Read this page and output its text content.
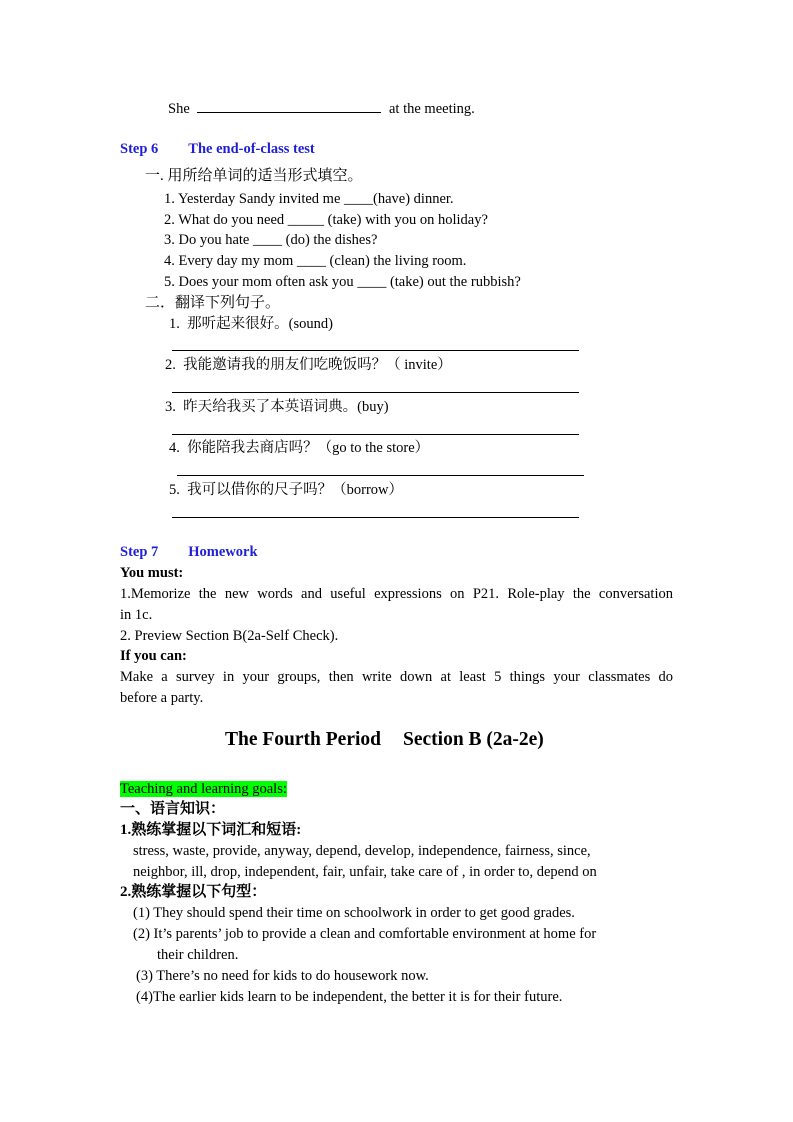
She	at the meeting.
Step 6 The end-of-class test
一. 用所给单词的适当形式填空。
1. Yesterday Sandy invited me ____(have) dinner.
2. What do you need _____ (take) with you on holiday?
3. Do you hate ____ (do) the dishes?
4. Every day my mom ____ (clean) the living room.
5. Does your mom often ask you ____ (take) out the rubbish?
二．翻译下列句子。
1. 那听起来很好。(sound)
2. 我能邀请我的朋友们吃晚饭吗？（ invite）
3. 昨天给我买了本英语词典。(buy)
4. 你能陪我去商店吗？（go to the store）
5. 我可以借你的尺子吗？（borrow）
Step 7 Homework
You must:
1.Memorize the new words and useful expressions on P21. Role-play the conversation
in 1c.
2. Preview Section B(2a-Self Check).
If you can:
Make a survey in your groups, then write down at least 5 things your classmates do
before a party.
The Fourth Period Section B (2a-2e)
Teaching and learning goals:
一、语言知识：
1.熟练掌握以下词汇和短语:
stress, waste, provide, anyway, depend, develop, independence, fairness, since,
neighbor, ill, drop, independent, fair, unfair, take care of , in order to, depend on
2.熟练掌握以下句型：
(1) They should spend their time on schoolwork in order to get good grades.
(2) It’s parents’ job to provide a clean and comfortable environment at home for
their children.
(3) There’s no need for kids to do housework now.
(4)The earlier kids learn to be independent, the better it is for their future.
